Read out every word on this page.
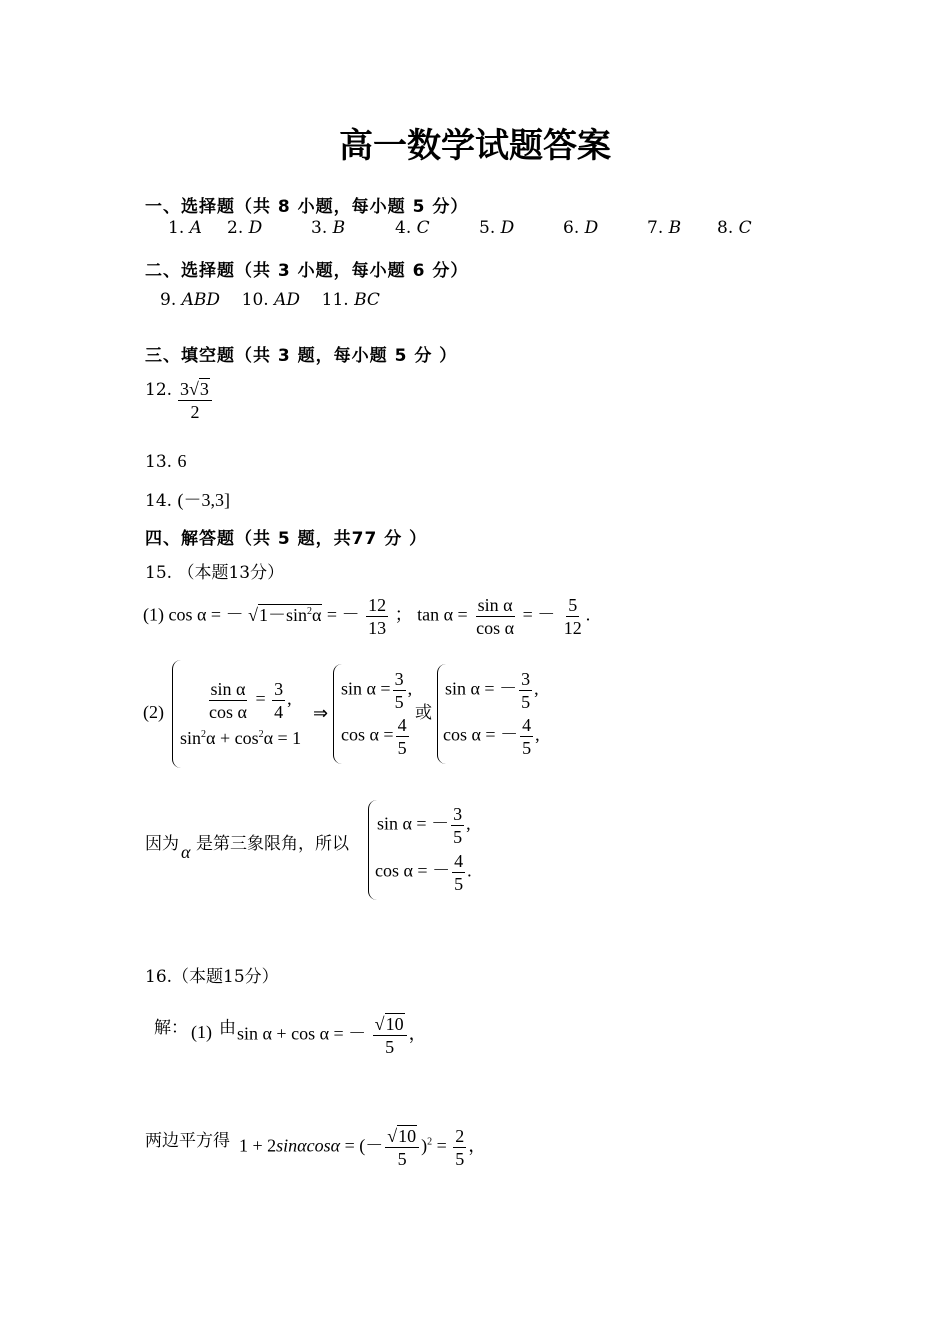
高一数学试题答案
一、选择题（共 8 小题，每小题 5 分）
1. A 2. D	3. B	4. C	5. D	6. D	7. B 8. C
二、选择题（共 3 小题，每小题 6 分）
9. ABD 10. AD 11. BC
三、填空题（共 3 题，每小题 5 分 ）
12. $\frac{3√3}{2}$
13. 6
14. (－3,3]
四、解答题（共 5 题，共77 分 ）
15. （本题13分）
(1) cos α = － $√1-\sin^2\alpha$ = － $\frac{12}{13}$ ； $\tan \alpha = \frac{\text{sin α}}{\text{cos α}}$ = － $\frac{5}{12}$ .
$(2) \frac{\text{sin α}}{\text{cos α}} = \frac{3}{4}$ ,
$\sin^2\alpha + \cos^2\alpha = 1$
⇒
$\sin \alpha = \frac{3}{5}$ ,
$\cos \alpha = \frac{4}{5}$
或
sin α = － $\frac{3}{5}$ ,
cos α = － $\frac{4}{5}$ ,
因为 α 是第三象限角，所以
sin α = － $\frac{3}{5}$ ,
cos α = － $\frac{4}{5}$ .
16.（本题15分）
解： (1) 由 sin α + cos α = － $\frac{√10}{5}$ ，
两边平方得 1 + 2sinαcosα = (－ $\frac{√10}{5} )^2 = \frac{2}{5}$ ，
